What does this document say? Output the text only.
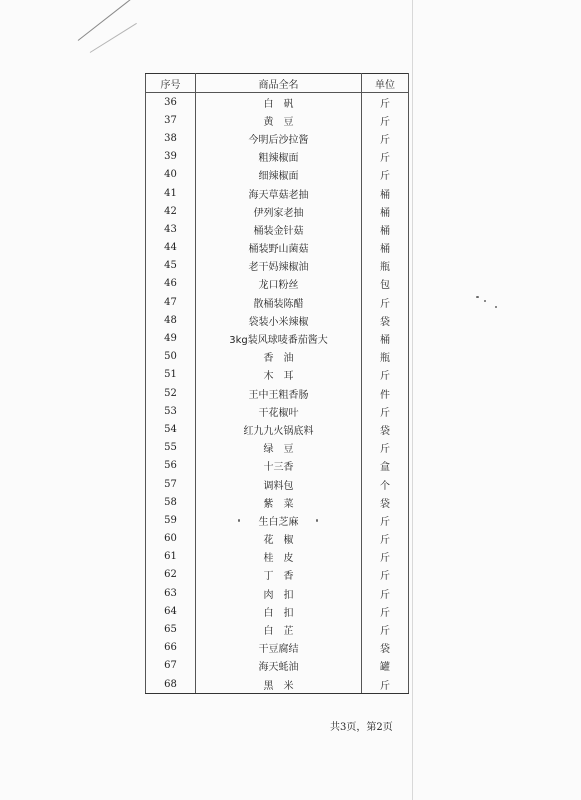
序号	商品全名	单位
36	白　矾	斤
37	黄　豆	斤
38	今明后沙拉酱	斤
39	粗辣椒面	斤
40	细辣椒面	斤
41	海天草菇老抽	桶
42	伊列家老抽	桶
43	桶装金针菇	桶
44	桶装野山菌菇	桶
45	老干妈辣椒油	瓶
46	龙口粉丝	包
47	散桶装陈醋	斤
48	袋装小米辣椒	袋
49	3kg装风球唛番茄酱大	桶
50	香　油	瓶
51	木　耳	斤
52	王中王粗香肠	件
53	干花椒叶	斤
54	红九九火锅底料	袋
55	绿　豆	斤
56	十三香	盒
57	调料包	个
58	紫　菜	袋
59	生白芝麻	斤
60	花　椒	斤
61	桂　皮	斤
62	丁　香	斤
63	肉　扣	斤
64	白　扣	斤
65	白　芷	斤
66	干豆腐结	袋
67	海天蚝油	罐
68	黑　米	斤
共3页，第2页
